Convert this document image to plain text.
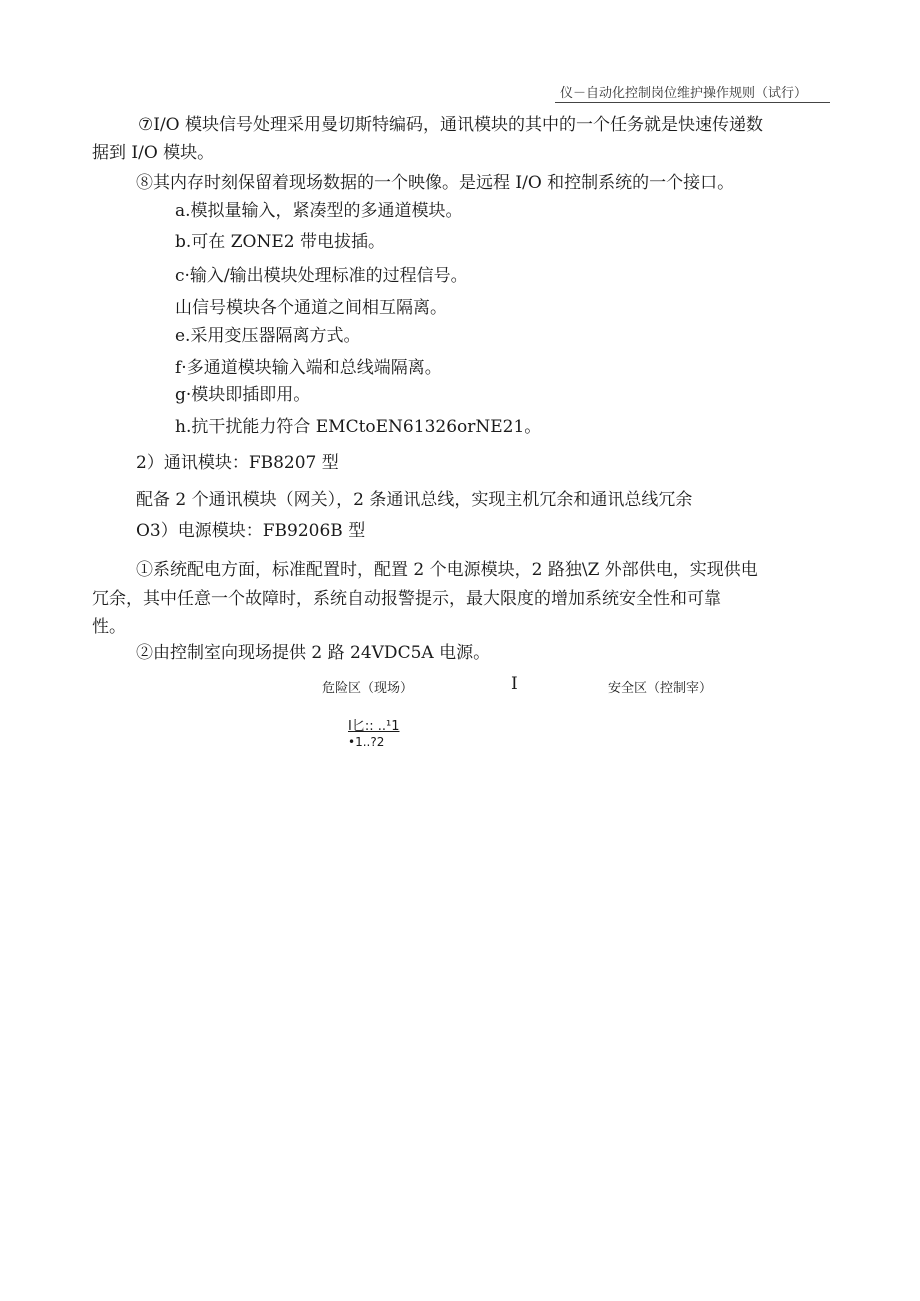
仪－自动化控制岗位维护操作规则（试行）
⑦I/O 模块信号处理采用曼切斯特编码，通讯模块的其中的一个任务就是快速传递数
据到 I/O 模块。
⑧其内存时刻保留着现场数据的一个映像。是远程 I/O 和控制系统的一个接口。
a.模拟量输入，紧凑型的多通道模块。
b.可在 ZONE2 带电拔插。
c·输入/输出模块处理标准的过程信号。
山信号模块各个通道之间相互隔离。
e.采用变压器隔离方式。
f·多通道模块输入端和总线端隔离。
g·模块即插即用。
h.抗干扰能力符合 EMCtoEN61326orNE21。
2）通讯模块：FB8207 型
配备 2 个通讯模块（网关），2 条通讯总线，实现主机冗余和通讯总线冗余
O3）电源模块：FB9206B 型
①系统配电方面，标准配置时，配置 2 个电源模块，2 路独\Z 外部供电，实现供电
冗余，其中任意一个故障时，系统自动报警提示，最大限度的增加系统安全性和可靠
性。
②由控制室向现场提供 2 路 24VDC5A 电源。
危险区（现场）	I	安全区（控制宰）
I匕:: ..¹1
•1..?2
